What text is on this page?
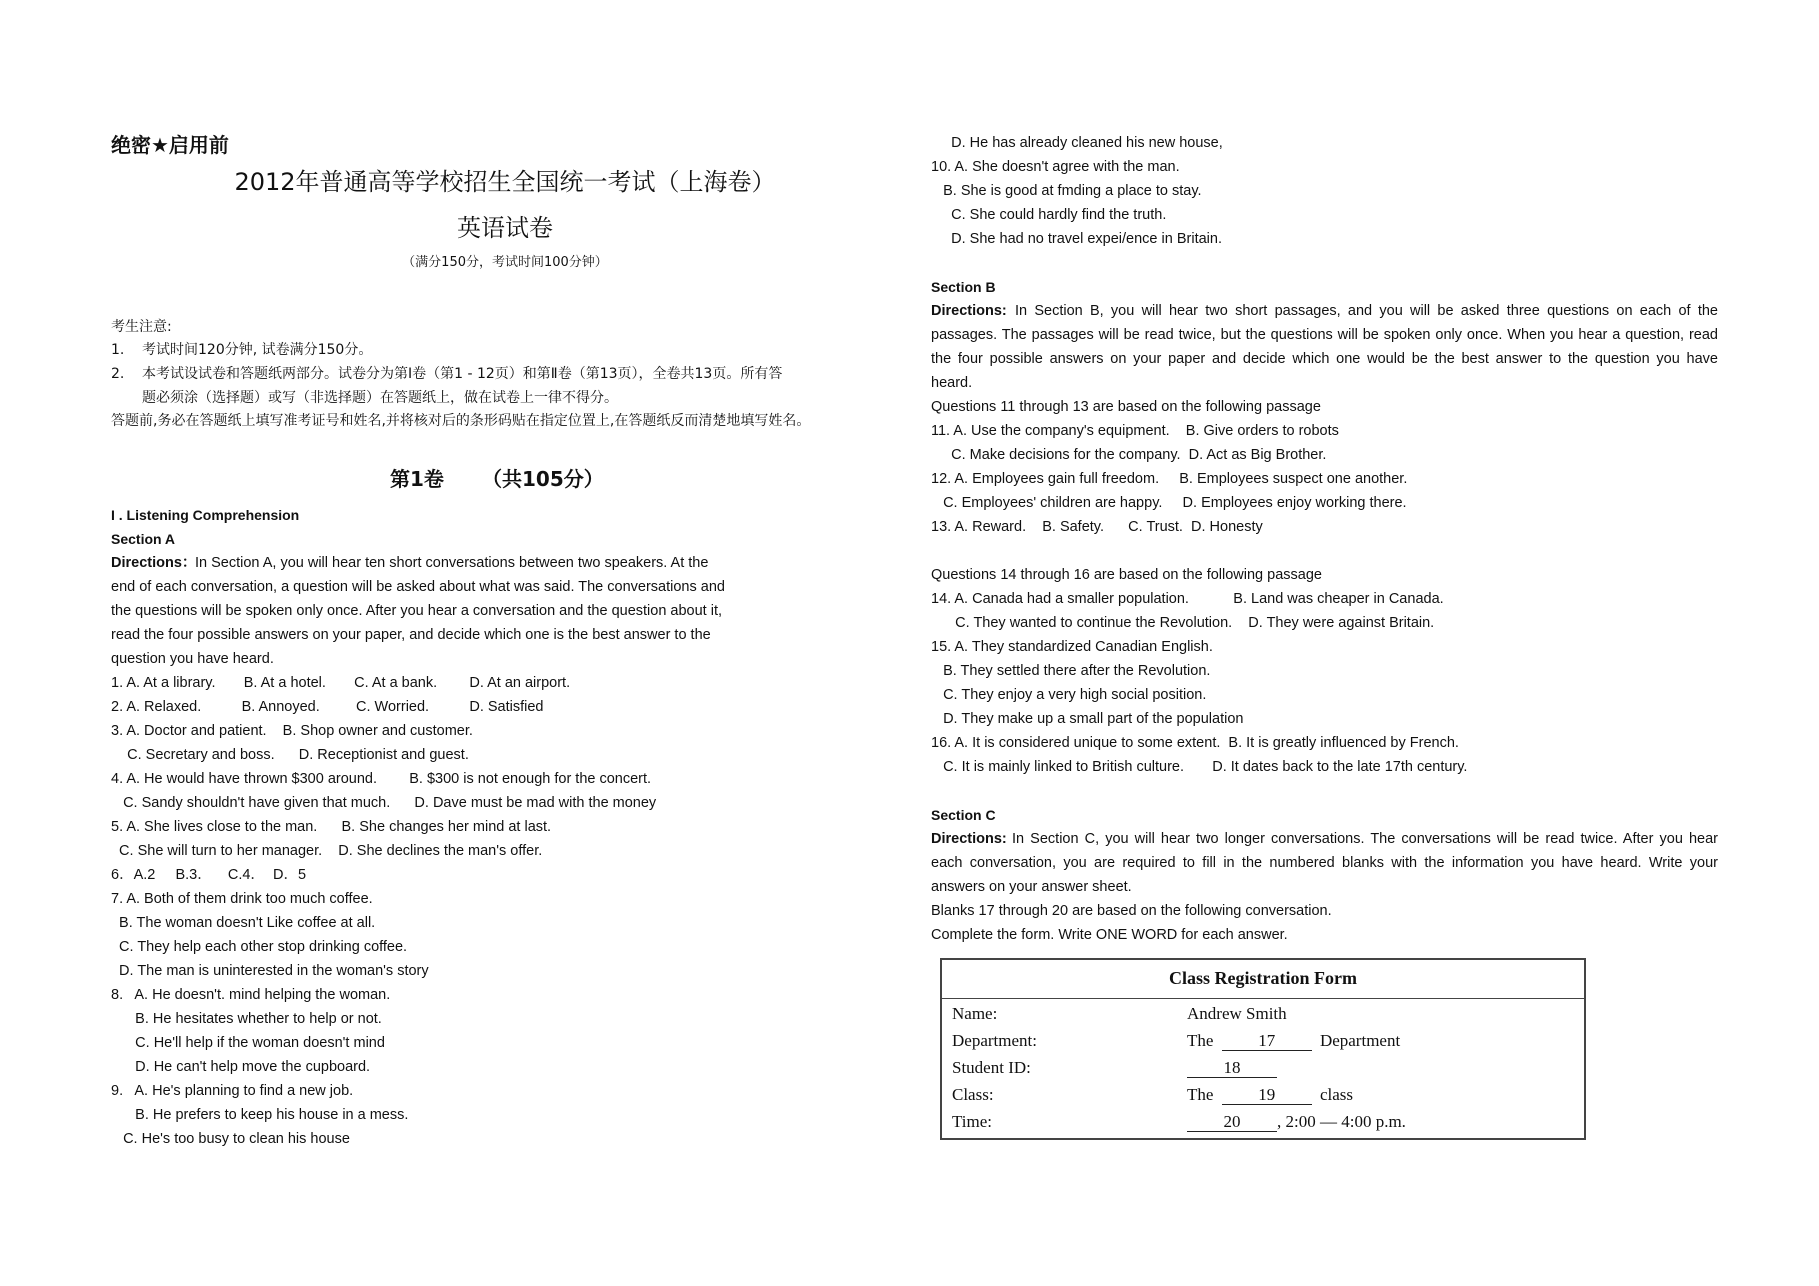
绝密★启用前
2012年普通高等学校招生全国统一考试（上海卷）
英语试卷
（满分150分，考试时间100分钟）
考生注意:
1. 考试时间120分钟, 试卷满分150分。
2. 本考试设试卷和答题纸两部分。试卷分为第Ⅰ卷（第1 - 12页）和第Ⅱ卷（第13页），全卷共13页。所有答
题必须涂（选择题）或写（非选择题）在答题纸上，做在试卷上一律不得分。
答题前,务必在答题纸上填写准考证号和姓名,并将核对后的条形码贴在指定位置上,在答题纸反而清楚地填写姓名。
第1卷 （共105分）
I . Listening Comprehension
Section A
Directions：
In Section A, you will hear ten short conversations between two speakers. At the
end of each conversation, a question will be asked about what was said. The conversations and
the questions will be spoken only once. After you hear a conversation and the question about it,
read the four possible answers on your paper, and decide which one is the best answer to the
question you have heard.
1. A. At a library.       B. At a hotel.       C. At a bank.        D. At an airport.
2. A. Relaxed.          B. Annoyed.         C. Worried.          D. Satisfied
3. A. Doctor and patient.    B. Shop owner and customer.
C. Secretary and boss.      D. Receptionist and guest.
4. A. He would have thrown $300 around.        B. $300 is not enough for the concert.
C. Sandy shouldn't have given that much.      D. Dave must be mad with the money
5. A. She lives close to the man.      B. She changes her mind at last.
C. She will turn to her manager.    D. She declines the man's offer.
6．A.2     B.3．    C.4．  D．5
7. A. Both of them drink too much coffee.
B. The woman doesn't Like coffee at all.
C. They help each other stop drinking coffee.
D. The man is uninterested in the woman's story
8.   A. He doesn't. mind helping the woman.
B. He hesitates whether to help or not.
C. He'll help if the woman doesn't mind
D. He can't help move the cupboard.
9.   A. He's planning to find a new job.
B. He prefers to keep his house in a mess.
C. He's too busy to clean his house
D. He has already cleaned his new house,
10. A. She doesn't agree with the man.
B. She is good at fmding a place to stay.
C. She could hardly find the truth.
D. She had no travel expei/ence in Britain.
Section B
Directions: In Section B, you will hear two short passages, and you will be asked three questions on each of the
passages. The passages will be read twice, but the questions will be spoken only once. When you hear a question, read
the four possible answers on your paper and decide which one would be the best answer to the question you have
heard.
Questions 11 through 13 are based on the following passage
11. A. Use the company's equipment.    B. Give orders to robots
C. Make decisions for the company.  D. Act as Big Brother.
12. A. Employees gain full freedom.     B. Employees suspect one another.
C. Employees' children are happy.     D. Employees enjoy working there.
13. A. Reward.    B. Safety.      C. Trust.  D. Honesty
Questions 14 through 16 are based on the following passage
14. A. Canada had a smaller population.           B. Land was cheaper in Canada.
C. They wanted to continue the Revolution.    D. They were against Britain.
15. A. They standardized Canadian English.
B. They settled there after the Revolution.
C. They enjoy a very high social position.
D. They make up a small part of the population
16. A. It is considered unique to some extent.  B. It is greatly influenced by French.
C. It is mainly linked to British culture.       D. It dates back to the late 17th century.
Section C
Directions: In Section C, you will hear two longer conversations. The conversations will be read twice. After you hear
each conversation, you are required to fill in the numbered blanks with the information you have heard. Write your
answers on your answer sheet.
Blanks 17 through 20 are based on the following conversation.
Complete the form. Write ONE WORD for each answer.
Class Registration Form
Name:	Andrew Smith
Department:	The	17	Department
Student ID:	18
Class:	The	19	class
Time:	20 , 2:00 — 4:00 p.m.
